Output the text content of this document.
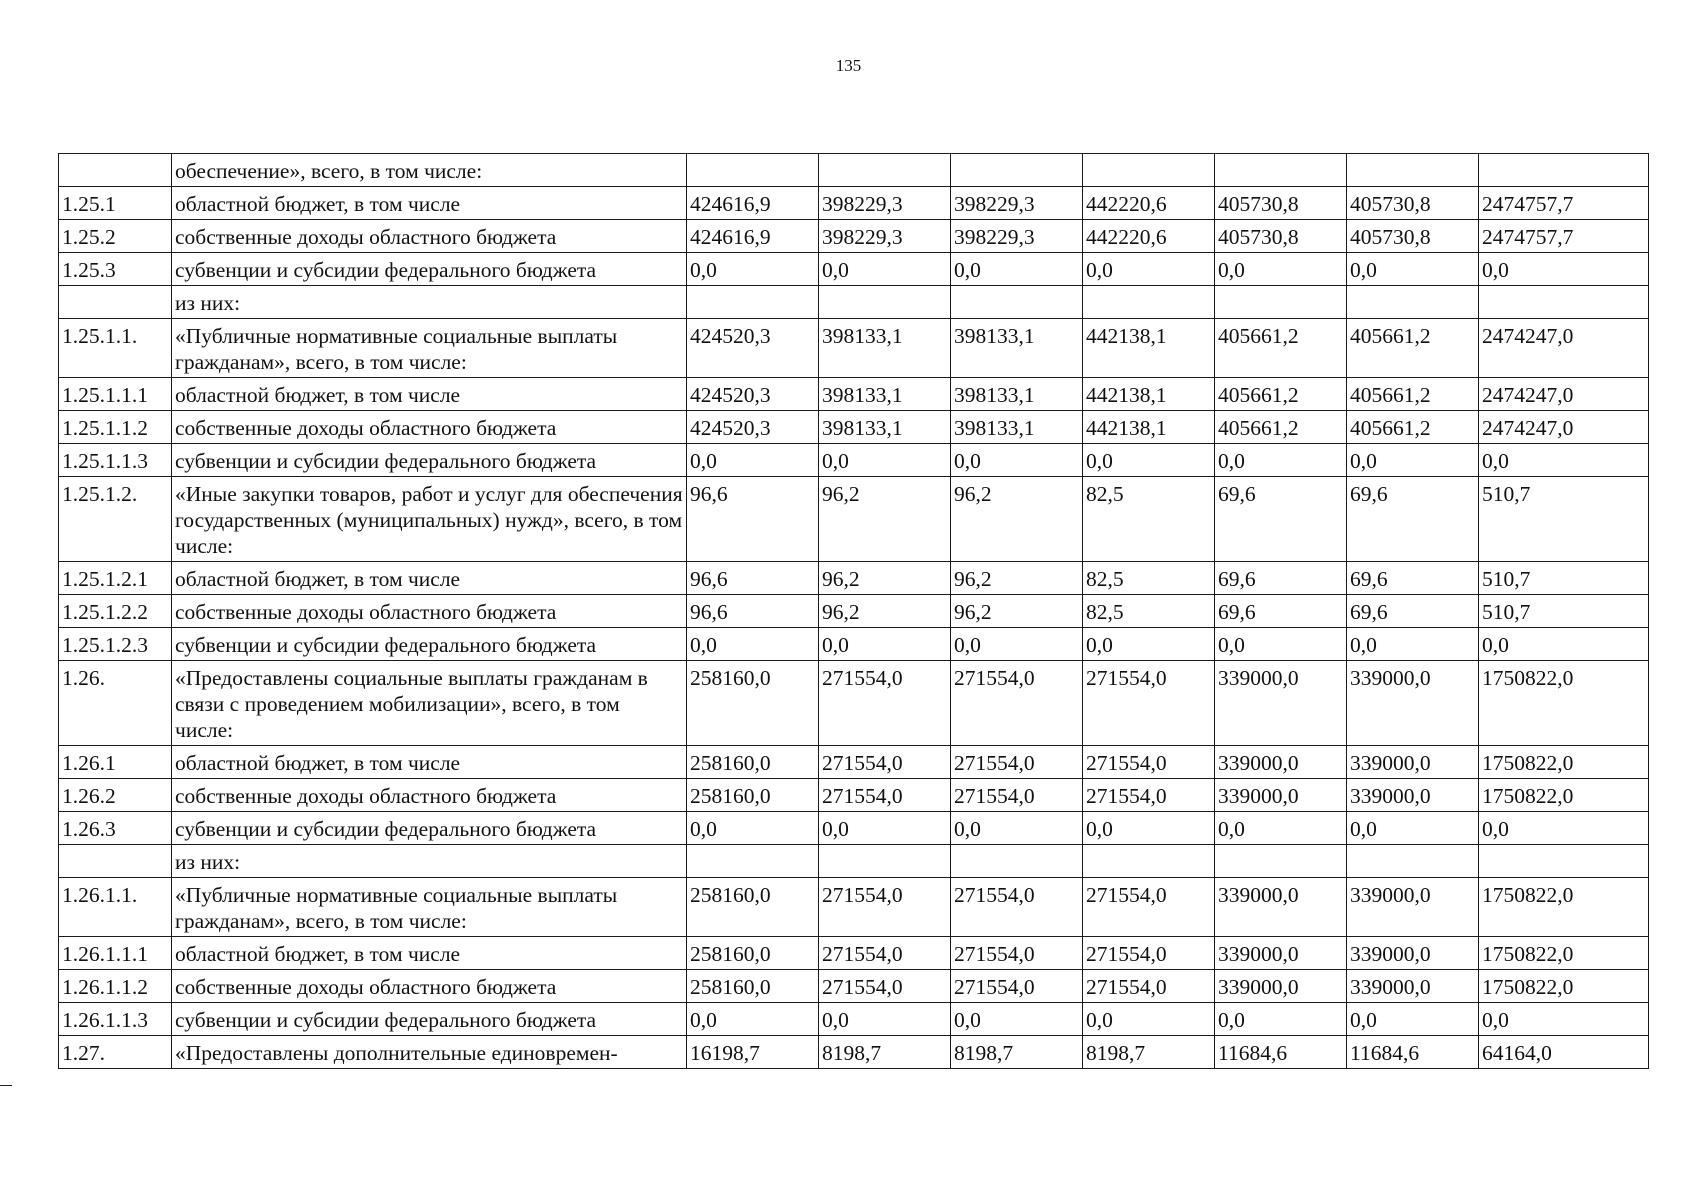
135
	обеспечение», всего, в том числе:							
1.25.1	областной бюджет, в том числе	424616,9	398229,3	398229,3	442220,6	405730,8	405730,8	2474757,7
1.25.2	собственные доходы областного бюджета	424616,9	398229,3	398229,3	442220,6	405730,8	405730,8	2474757,7
1.25.3	субвенции и субсидии федерального бюджета	0,0	0,0	0,0	0,0	0,0	0,0	0,0
	из них:							
1.25.1.1.	«Публичные нормативные социальные выплаты гражданам», всего, в том числе:	424520,3	398133,1	398133,1	442138,1	405661,2	405661,2	2474247,0
1.25.1.1.1	областной бюджет, в том числе	424520,3	398133,1	398133,1	442138,1	405661,2	405661,2	2474247,0
1.25.1.1.2	собственные доходы областного бюджета	424520,3	398133,1	398133,1	442138,1	405661,2	405661,2	2474247,0
1.25.1.1.3	субвенции и субсидии федерального бюджета	0,0	0,0	0,0	0,0	0,0	0,0	0,0
1.25.1.2.	«Иные закупки товаров, работ и услуг для обеспечения государственных (муниципальных) нужд», всего, в том числе:	96,6	96,2	96,2	82,5	69,6	69,6	510,7
1.25.1.2.1	областной бюджет, в том числе	96,6	96,2	96,2	82,5	69,6	69,6	510,7
1.25.1.2.2	собственные доходы областного бюджета	96,6	96,2	96,2	82,5	69,6	69,6	510,7
1.25.1.2.3	субвенции и субсидии федерального бюджета	0,0	0,0	0,0	0,0	0,0	0,0	0,0
1.26.	«Предоставлены социальные выплаты гражданам в связи с проведением мобилизации», всего, в том числе:	258160,0	271554,0	271554,0	271554,0	339000,0	339000,0	1750822,0
1.26.1	областной бюджет, в том числе	258160,0	271554,0	271554,0	271554,0	339000,0	339000,0	1750822,0
1.26.2	собственные доходы областного бюджета	258160,0	271554,0	271554,0	271554,0	339000,0	339000,0	1750822,0
1.26.3	субвенции и субсидии федерального бюджета	0,0	0,0	0,0	0,0	0,0	0,0	0,0
	из них:							
1.26.1.1.	«Публичные нормативные социальные выплаты гражданам», всего, в том числе:	258160,0	271554,0	271554,0	271554,0	339000,0	339000,0	1750822,0
1.26.1.1.1	областной бюджет, в том числе	258160,0	271554,0	271554,0	271554,0	339000,0	339000,0	1750822,0
1.26.1.1.2	собственные доходы областного бюджета	258160,0	271554,0	271554,0	271554,0	339000,0	339000,0	1750822,0
1.26.1.1.3	субвенции и субсидии федерального бюджета	0,0	0,0	0,0	0,0	0,0	0,0	0,0
1.27.	«Предоставлены дополнительные единовремен-	16198,7	8198,7	8198,7	8198,7	11684,6	11684,6	64164,0
